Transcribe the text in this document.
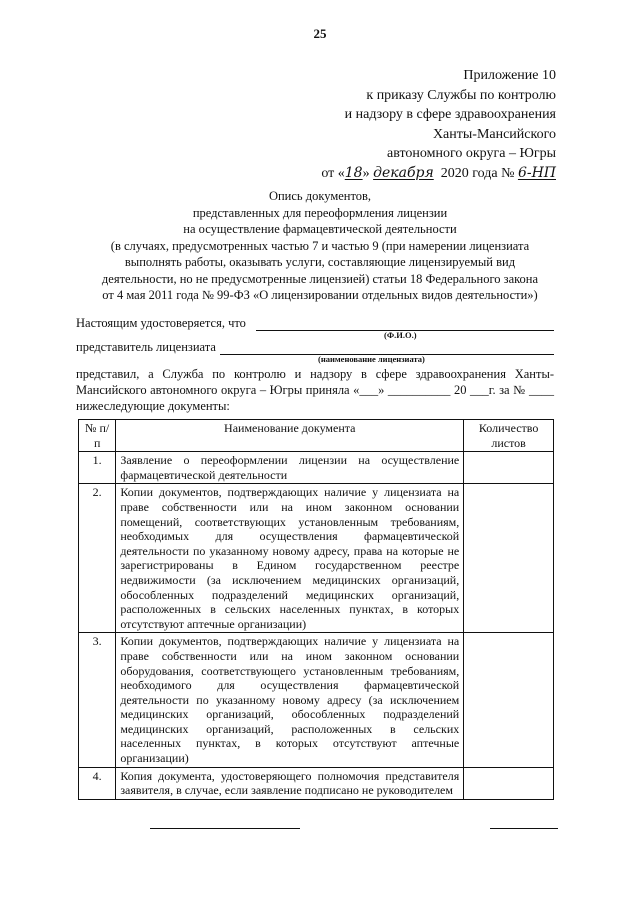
25
Приложение 10
к приказу Службы по контролю
и надзору в сфере здравоохранения
Ханты-Мансийского
автономного округа – Югры
от «18» декабря 2020 года № 6-НП
Опись документов,
представленных для переоформления лицензии
на осуществление фармацевтической деятельности
(в случаях, предусмотренных частью 7 и частью 9 (при намерении лицензиата
выполнять работы, оказывать услуги, составляющие лицензируемый вид
деятельности, но не предусмотренные лицензией) статьи 18 Федерального закона
от 4 мая 2011 года № 99-ФЗ «О лицензировании отдельных видов деятельности»)
Настоящим удостоверяется, что
(Ф.И.О.)
представитель лицензиата
(наименование лицензиата)
представил, а Служба по контролю и надзору в сфере здравоохранения Ханты-Мансийского автономного округа – Югры приняла «___» __________ 20 ___г. за № ____ нижеследующие документы:
№ п/п	Наименование документа	Количество листов
1.	Заявление о переоформлении лицензии на осуществление фармацевтической деятельности	
2.	Копии документов, подтверждающих наличие у лицензиата на праве собственности или на ином законном основании помещений, соответствующих установленным требованиям, необходимых для осуществления фармацевтической деятельности по указанному новому адресу, права на которые не зарегистрированы в Едином государственном реестре недвижимости (за исключением медицинских организаций, обособленных подразделений медицинских организаций, расположенных в сельских населенных пунктах, в которых отсутствуют аптечные организации)	
3.	Копии документов, подтверждающих наличие у лицензиата на праве собственности или на ином законном основании оборудования, соответствующего установленным требованиям, необходимого для осуществления фармацевтической деятельности по указанному новому адресу (за исключением медицинских организаций, обособленных подразделений медицинских организаций, расположенных в сельских населенных пунктах, в которых отсутствуют аптечные организации)	
4.	Копия документа, удостоверяющего полномочия представителя заявителя, в случае, если заявление подписано не руководителем	
